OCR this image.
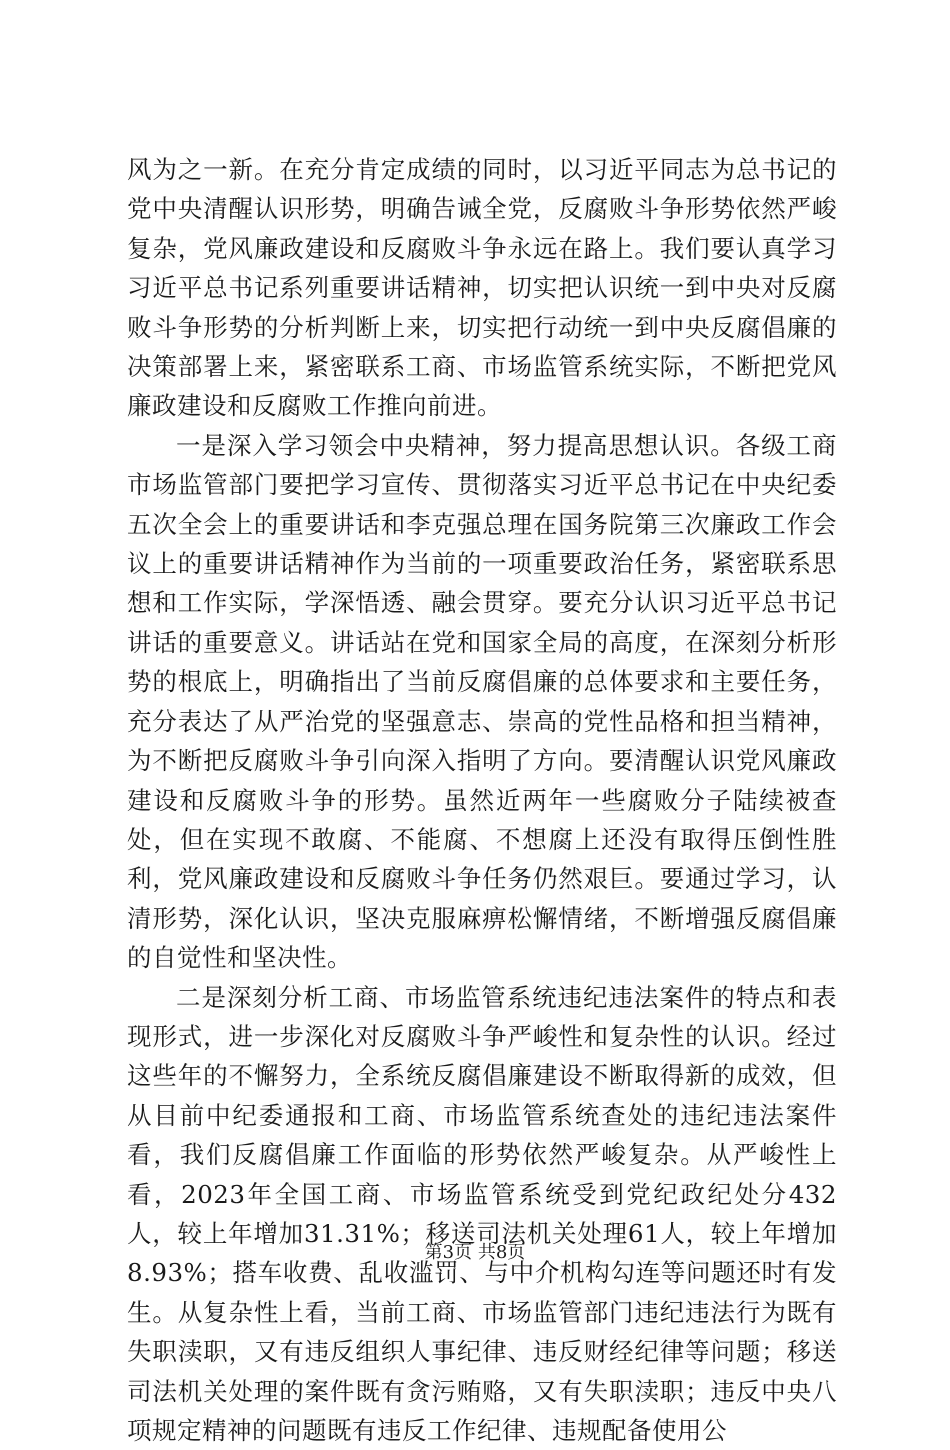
风为之一新。在充分肯定成绩的同时，以习近平同志为总书记的党中央清醒认识形势，明确告诫全党，反腐败斗争形势依然严峻复杂，党风廉政建设和反腐败斗争永远在路上。我们要认真学习习近平总书记系列重要讲话精神，切实把认识统一到中央对反腐败斗争形势的分析判断上来，切实把行动统一到中央反腐倡廉的决策部署上来，紧密联系工商、市场监管系统实际，不断把党风廉政建设和反腐败工作推向前进。

一是深入学习领会中央精神，努力提高思想认识。各级工商市场监管部门要把学习宣传、贯彻落实习近平总书记在中央纪委五次全会上的重要讲话和李克强总理在国务院第三次廉政工作会议上的重要讲话精神作为当前的一项重要政治任务，紧密联系思想和工作实际，学深悟透、融会贯穿。要充分认识习近平总书记讲话的重要意义。讲话站在党和国家全局的高度，在深刻分析形势的根底上，明确指出了当前反腐倡廉的总体要求和主要任务，充分表达了从严治党的坚强意志、崇高的党性品格和担当精神，为不断把反腐败斗争引向深入指明了方向。要清醒认识党风廉政建设和反腐败斗争的形势。虽然近两年一些腐败分子陆续被查处，但在实现不敢腐、不能腐、不想腐上还没有取得压倒性胜利，党风廉政建设和反腐败斗争任务仍然艰巨。要通过学习，认清形势，深化认识，坚决克服麻痹松懈情绪，不断增强反腐倡廉的自觉性和坚决性。

二是深刻分析工商、市场监管系统违纪违法案件的特点和表现形式，进一步深化对反腐败斗争严峻性和复杂性的认识。经过这些年的不懈努力，全系统反腐倡廉建设不断取得新的成效，但从目前中纪委通报和工商、市场监管系统查处的违纪违法案件看，我们反腐倡廉工作面临的形势依然严峻复杂。从严峻性上看，2023年全国工商、市场监管系统受到党纪政纪处分432人，较上年增加31.31%；移送司法机关处理61人，较上年增加8.93%；搭车收费、乱收滥罚、与中介机构勾连等问题还时有发生。从复杂性上看，当前工商、市场监管部门违纪违法行为既有失职渎职，又有违反组织人事纪律、违反财经纪律等问题；移送司法机关处理的案件既有贪污贿赂，又有失职渎职；违反中央八项规定精神的问题既有违反工作纪律、违规配备使用公

第3页 共8页
